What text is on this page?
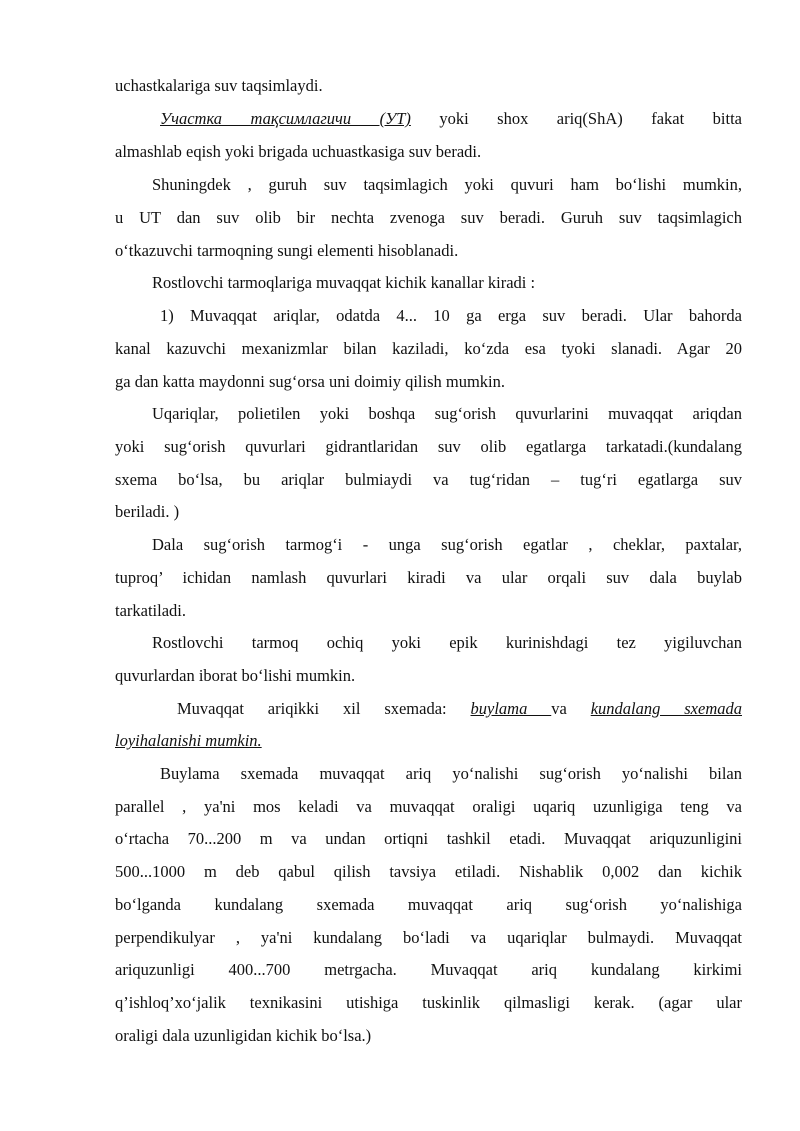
uchastkalariga suv taqsimlaydi.
Участка тақсимлагичи (УТ) yoki shox ariq(ShA) fakat bitta
almashlab eqish yoki brigada uchuastkasiga suv beradi.
Shuningdek , guruh suv taqsimlagich yoki quvuri ham bo‘lishi mumkin,
u UT dan suv olib bir nechta zvenoga suv beradi. Guruh suv taqsimlagich
o‘tkazuvchi tarmoqning sungi elementi hisoblanadi.
Rostlovchi tarmoqlariga muvaqqat kichik kanallar kiradi :
1) Muvaqqat ariqlar, odatda 4... 10 ga erga suv beradi. Ular bahorda
kanal kazuvchi mexanizmlar bilan kaziladi, ko‘zda esa tyoki slanadi. Agar 20
ga dan katta maydonni sug‘orsa uni doimiy qilish mumkin.
Uqariqlar, polietilen yoki boshqa sug‘orish quvurlarini muvaqqat ariqdan
yoki sug‘orish quvurlari gidrantlaridan suv olib egatlarga tarkatadi.(kundalang
sxema bo‘lsa, bu ariqlar bulmiaydi va tug‘ridan – tug‘ri egatlarga suv
beriladi. )
Dala sug‘orish tarmog‘i - unga sug‘orish egatlar , cheklar, paxtalar,
tuproq’ ichidan namlash quvurlari kiradi va ular orqali suv dala buylab
tarkatiladi.
Rostlovchi tarmoq ochiq yoki epik kurinishdagi tez yigiluvchan
quvurlardan iborat bo‘lishi mumkin.
Muvaqqat ariqikki xil sxemada: buylama va kundalang sxemada
loyihalanishi mumkin.
Buylama sxemada muvaqqat ariq yo‘nalishi sug‘orish yo‘nalishi bilan
parallel , ya'ni mos keladi va muvaqqat oraligi uqariq uzunligiga teng va
o‘rtacha 70...200 m va undan ortiqni tashkil etadi. Muvaqqat ariquzunligini
500...1000 m deb qabul qilish tavsiya etiladi. Nishablik 0,002 dan kichik
bo‘lganda kundalang sxemada muvaqqat ariq sug‘orish yo‘nalishiga
perpendikulyar , ya'ni kundalang bo‘ladi va uqariqlar bulmaydi. Muvaqqat
ariquzunligi 400...700 metrgacha. Muvaqqat ariq kundalang kirkimi
q’ishloq’xo‘jalik texnikasini utishiga tuskinlik qilmasligi kerak. (agar ular
oraligi dala uzunligidan kichik bo‘lsa.)
